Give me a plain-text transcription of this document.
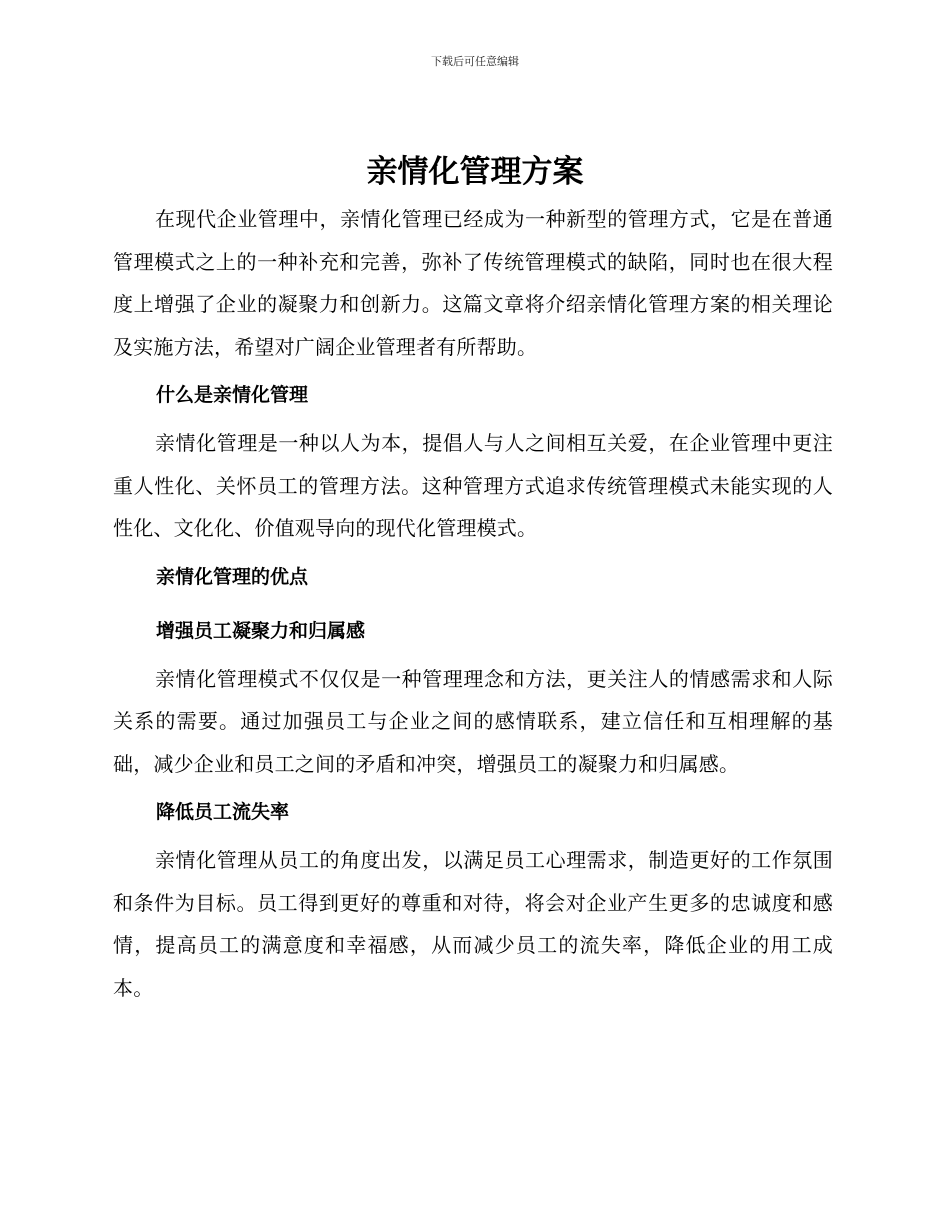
下载后可任意编辑
亲情化管理方案

在现代企业管理中，亲情化管理已经成为一种新型的管理方式，它是在普通管理模式之上的一种补充和完善，弥补了传统管理模式的缺陷，同时也在很大程度上增强了企业的凝聚力和创新力。这篇文章将介绍亲情化管理方案的相关理论及实施方法，希望对广阔企业管理者有所帮助。

什么是亲情化管理

亲情化管理是一种以人为本，提倡人与人之间相互关爱，在企业管理中更注重人性化、关怀员工的管理方法。这种管理方式追求传统管理模式未能实现的人性化、文化化、价值观导向的现代化管理模式。

亲情化管理的优点
增强员工凝聚力和归属感

亲情化管理模式不仅仅是一种管理理念和方法，更关注人的情感需求和人际关系的需要。通过加强员工与企业之间的感情联系，建立信任和互相理解的基础，减少企业和员工之间的矛盾和冲突，增强员工的凝聚力和归属感。

降低员工流失率

亲情化管理从员工的角度出发，以满足员工心理需求，制造更好的工作氛围和条件为目标。员工得到更好的尊重和对待，将会对企业产生更多的忠诚度和感情，提高员工的满意度和幸福感，从而减少员工的流失率，降低企业的用工成本。
